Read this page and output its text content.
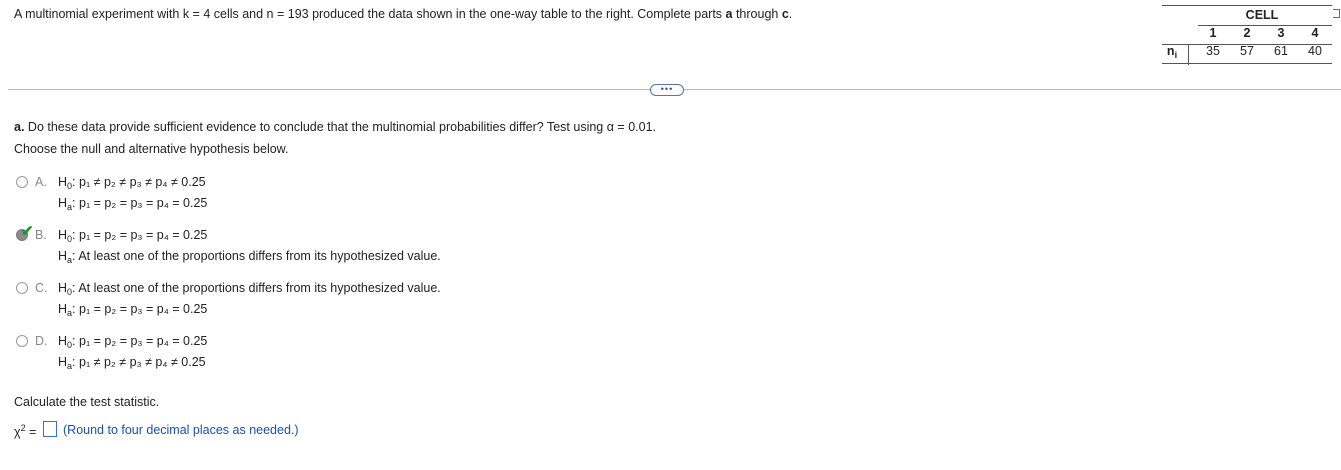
A multinomial experiment with k = 4 cells and n = 193 produced the data shown in the one-way table to the right. Complete parts a through c.	CELL
1	2	3	4
$n_i$	35	57	61	40
•••
a. Do these data provide sufficient evidence to conclude that the multinomial probabilities differ? Test using α = 0.01.
Choose the null and alternative hypothesis below.
A. $H_0$: p₁ ≠ p₂ ≠ p₃ ≠ p₄ ≠ 0.25
$H_a$: p₁ = p₂ = p₃ = p₄ = 0.25
✔ B. $H_0$: p₁ = p₂ = p₃ = p₄ = 0.25
$H_a$: At least one of the proportions differs from its hypothesized value.
C. $H_0$: At least one of the proportions differs from its hypothesized value.
$H_a$: p₁ = p₂ = p₃ = p₄ = 0.25
D. $H_0$: p₁ = p₂ = p₃ = p₄ = 0.25
$H_a$: p₁ ≠ p₂ ≠ p₃ ≠ p₄ ≠ 0.25
Calculate the test statistic.
$\chi^2$ = (Round to four decimal places as needed.)
